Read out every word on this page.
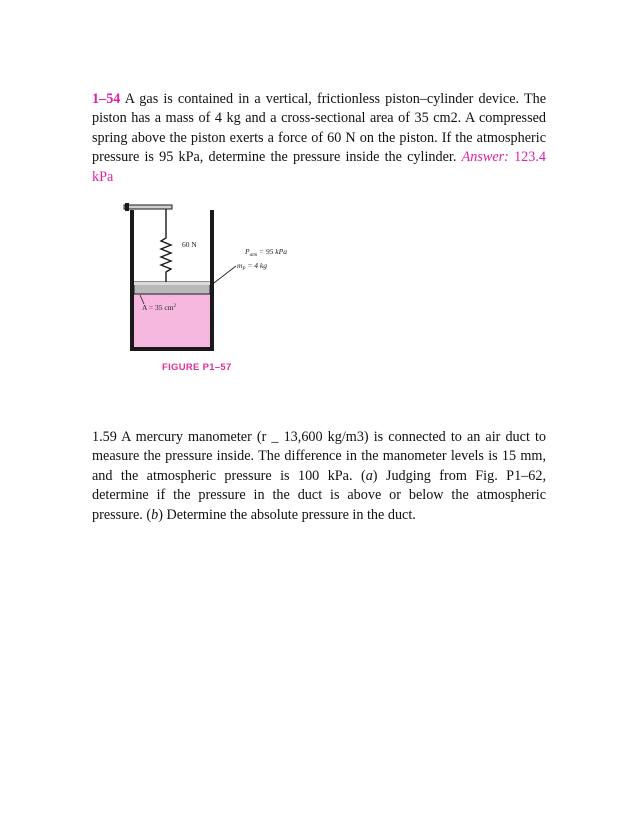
1–54 A gas is contained in a vertical, frictionless piston–cylinder device. The piston has a mass of 4 kg and a cross-sectional area of 35 cm2. A compressed spring above the piston exerts a force of 60 N on the piston. If the atmospheric pressure is 95 kPa, determine the pressure inside the cylinder. Answer: 123.4 kPa

60 N
$P_{atm} = 95$ kPa
$m_P = 4$ kg
A = 35 $cm^2$
FIGURE P1–57

1.59 A mercury manometer (r _ 13,600 kg/m3) is connected to an air duct to measure the pressure inside. The difference in the manometer levels is 15 mm, and the atmospheric pressure is 100 kPa. (a) Judging from Fig. P1–62, determine if the pressure in the duct is above or below the atmospheric pressure. (b) Determine the absolute pressure in the duct.
